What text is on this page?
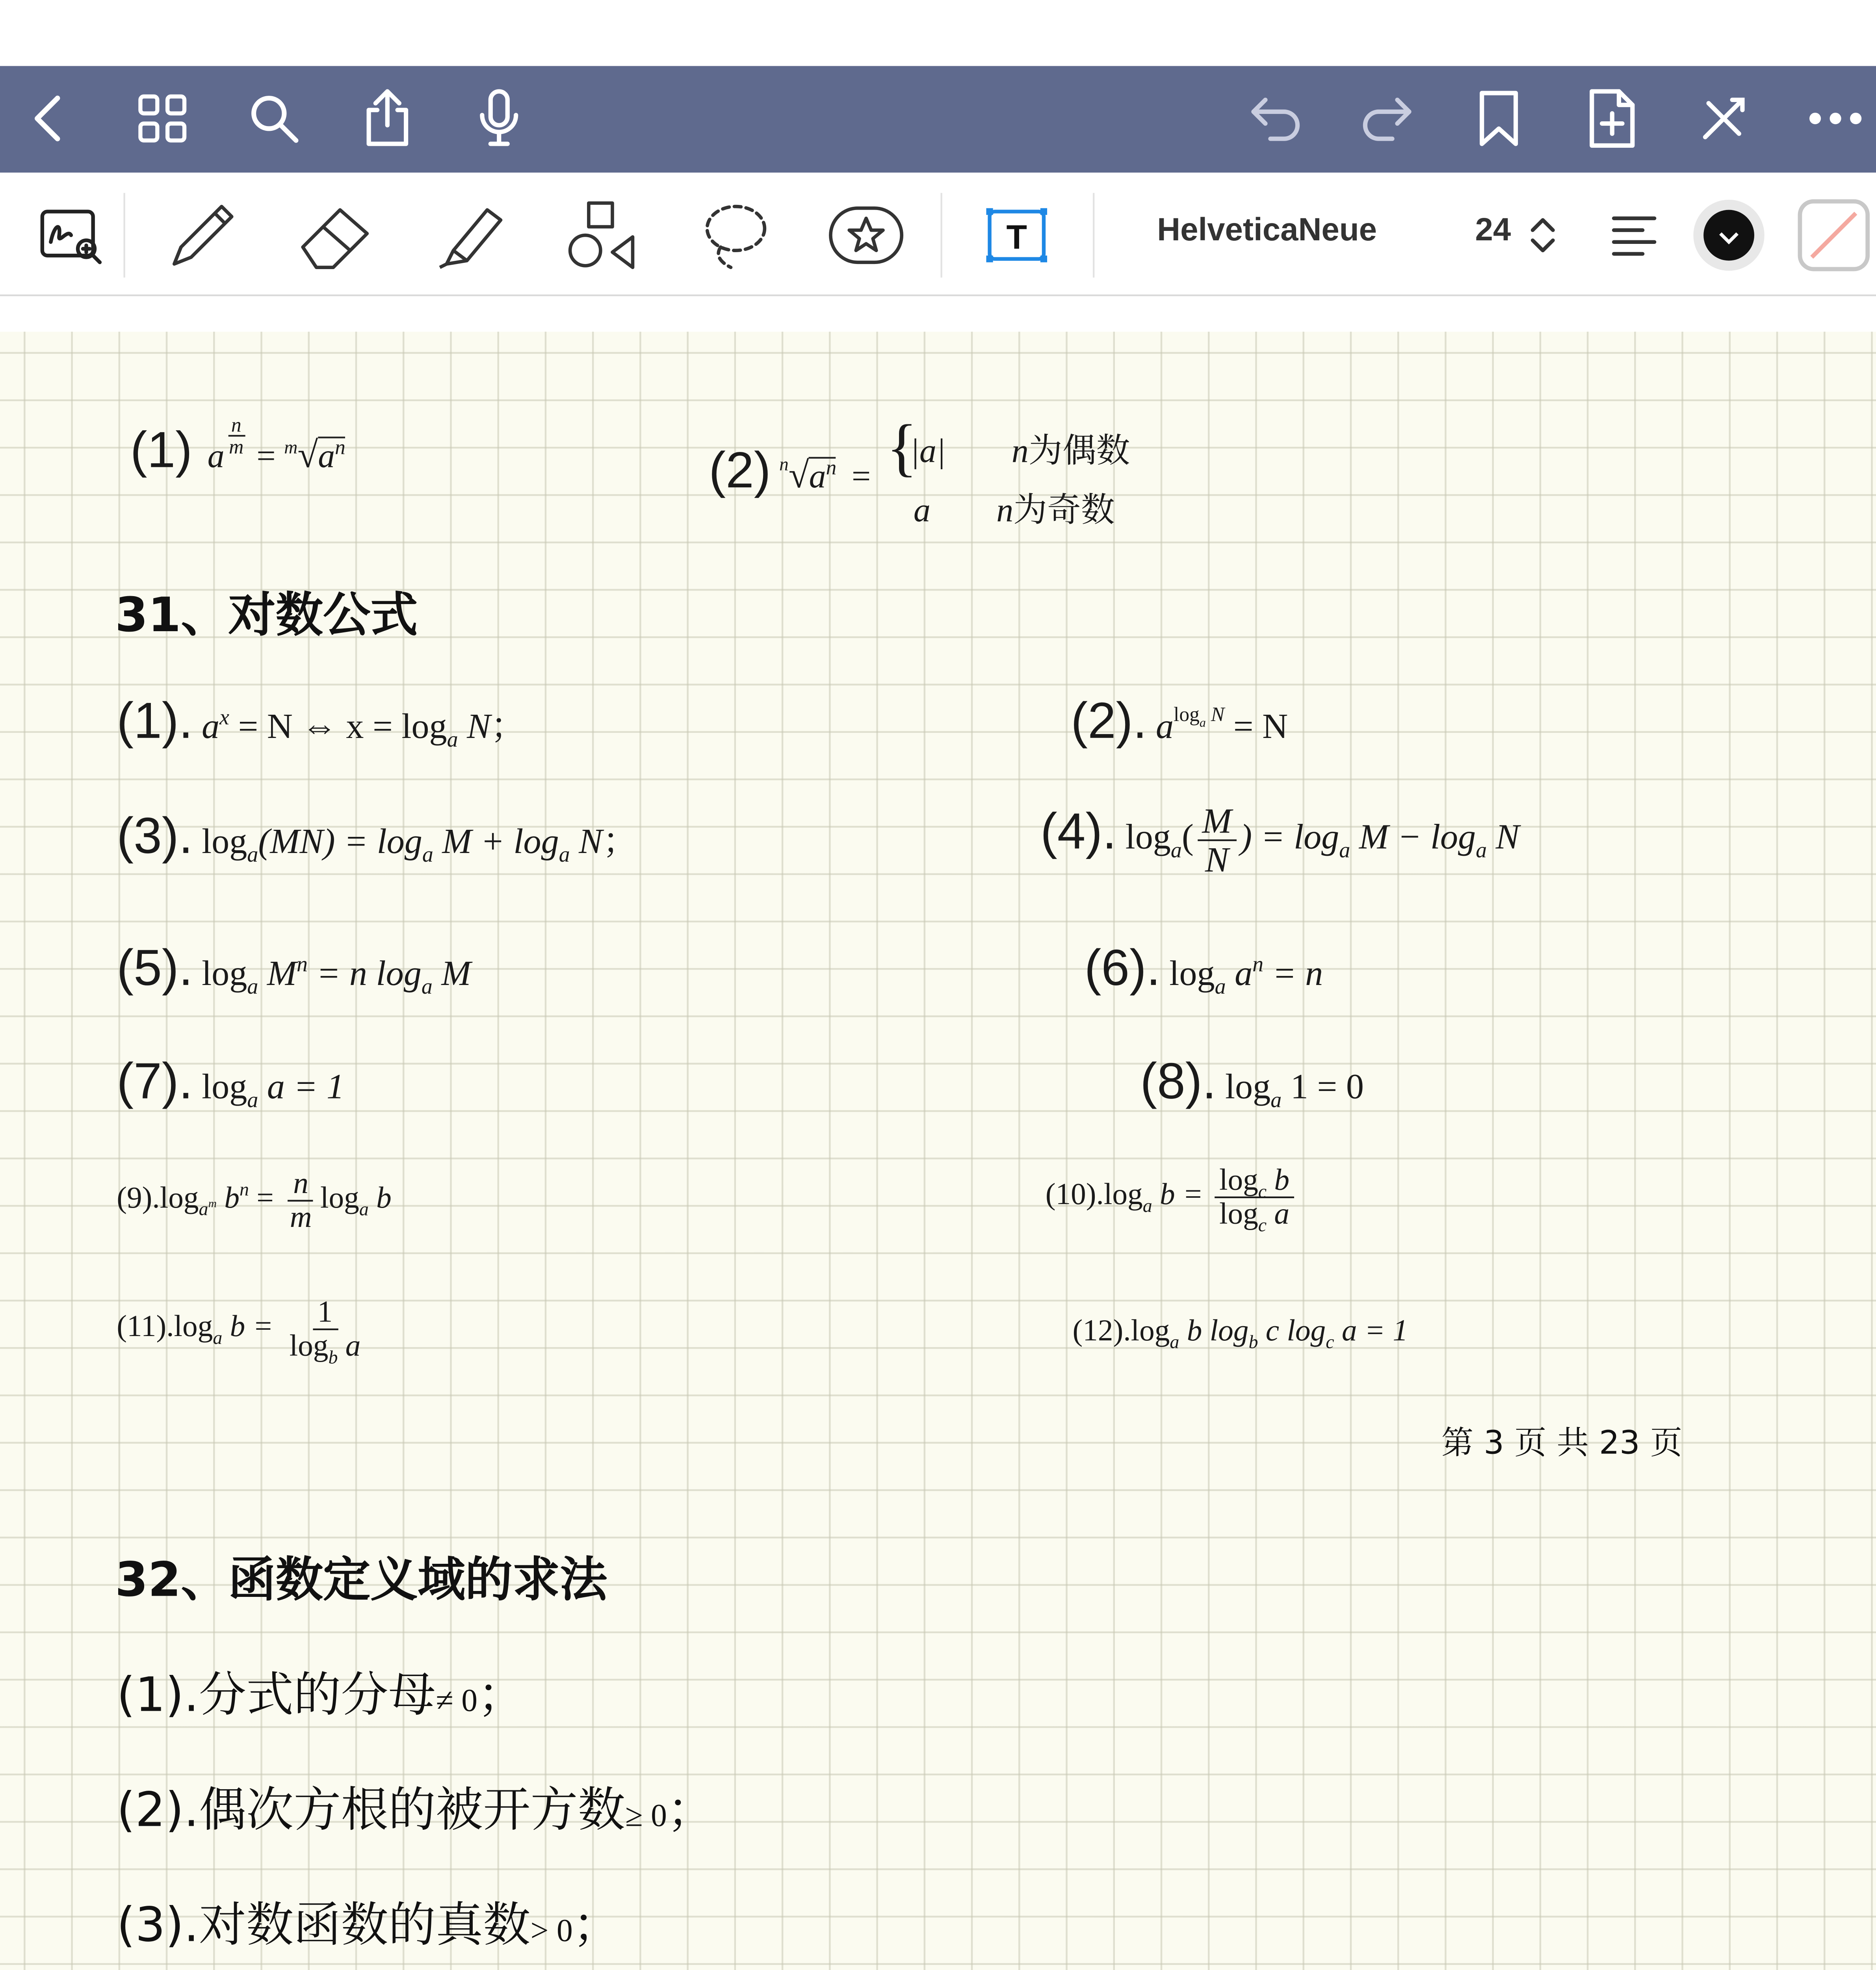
T	HelveticaNeue	24
(1) a
n
$m = ^m√a^n$	(2) $^n√a^n$ = {
|a|	n为偶数
a	n为奇数
31、对数公式
(1). $a^x = N$ ⇔ $x = \log_a N$；	(2). $a^{log_a N} = N$
(3). $\log_a(MN) = \log_a M + \log_a N$；	(4). $\log_a( \frac{M}{N}$ ) = $\log_a M - \log_a N$
(5). $\log_a M^n = n$ $\log_a M$	(6). $\log_a a^n = n$
(7). $\log_a a = 1$	(8). $\log_a 1 = 0$
$(9).\log_{a^m}$ $b^n = \frac{n}{m} \log_a b$	$(10).\log_a$ $b = \frac{\log_c b}{\log_c a}$
$(11).\log_a$ $b = \frac{1}{\log_b a}$	$(12).\log_a$ b $\log_b c$ $\log_c a = 1$
第 3 页 共 23 页
32、函数定义域的求法
(1).分式的分母≠ 0；
(2).偶次方根的被开方数≥ 0；
(3).对数函数的真数> 0；
